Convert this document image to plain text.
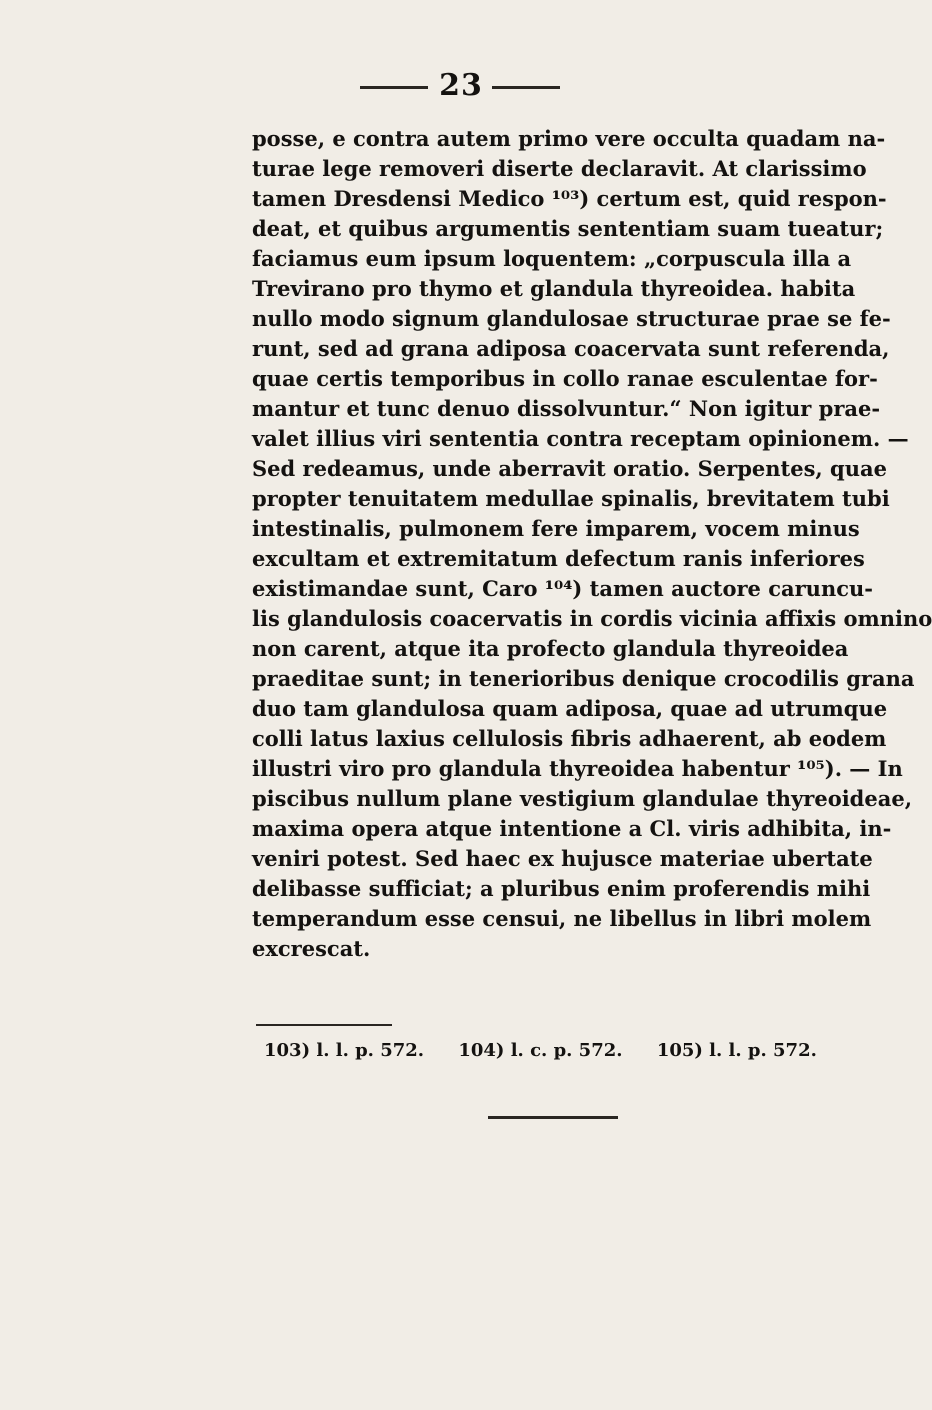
23
posse, e contra autem primo vere occulta quadam na-
turae lege removeri diserte declaravit. At clarissimo
tamen Dresdensi Medico ¹⁰³) certum est, quid respon-
deat, et quibus argumentis sententiam suam tueatur;
faciamus eum ipsum loquentem: „corpuscula illa a
Trevirano pro thymo et glandula thyreoidea. habita
nullo modo signum glandulosae structurae prae se fe-
runt, sed ad grana adiposa coacervata sunt referenda,
quae certis temporibus in collo ranae esculentae for-
mantur et tunc denuo dissolvuntur.“ Non igitur prae-
valet illius viri sententia contra receptam opinionem. —
Sed redeamus, unde aberravit oratio. Serpentes, quae
propter tenuitatem medullae spinalis, brevitatem tubi
intestinalis, pulmonem fere imparem, vocem minus
excultam et extremitatum defectum ranis inferiores
existimandae sunt, Caro ¹⁰⁴) tamen auctore caruncu-
lis glandulosis coacervatis in cordis vicinia affixis omnino
non carent, atque ita profecto glandula thyreoidea
praeditae sunt; in tenerioribus denique crocodilis grana
duo tam glandulosa quam adiposa, quae ad utrumque
colli latus laxius cellulosis fibris adhaerent, ab eodem
illustri viro pro glandula thyreoidea habentur ¹⁰⁵). — In
piscibus nullum plane vestigium glandulae thyreoideae,
maxima opera atque intentione a Cl. viris adhibita, in-
veniri potest. Sed haec ex hujusce materiae ubertate
delibasse sufficiat; a pluribus enim proferendis mihi
temperandum esse censui, ne libellus in libri molem
excrescat.
103) l. l. p. 572. 104) l. c. p. 572. 105) l. l. p. 572.
